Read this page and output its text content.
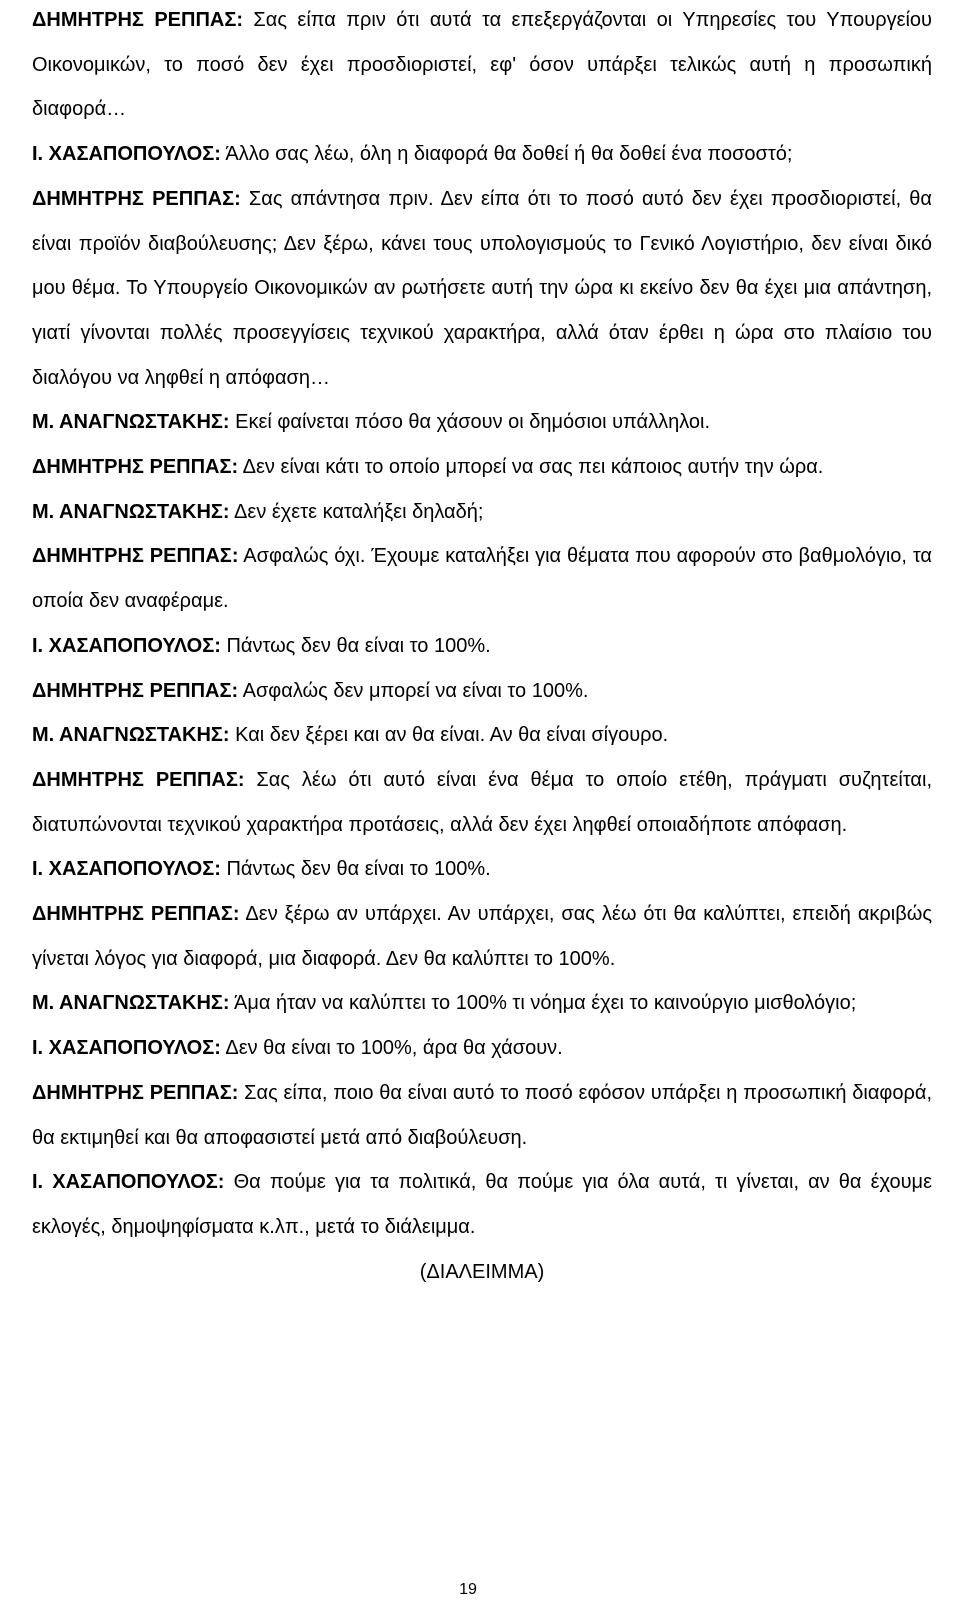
ΔΗΜΗΤΡΗΣ ΡΕΠΠΑΣ: Σας είπα πριν ότι αυτά τα επεξεργάζονται οι Υπηρεσίες του Υπουργείου Οικονομικών, το ποσό δεν έχει προσδιοριστεί, εφ' όσον υπάρξει τελικώς αυτή η προσωπική διαφορά…

Ι. ΧΑΣΑΠΟΠΟΥΛΟΣ: Άλλο σας λέω, όλη η διαφορά θα δοθεί ή θα δοθεί ένα ποσοστό;

ΔΗΜΗΤΡΗΣ ΡΕΠΠΑΣ: Σας απάντησα πριν. Δεν είπα ότι το ποσό αυτό δεν έχει προσδιοριστεί, θα είναι προϊόν διαβούλευσης; Δεν ξέρω, κάνει τους υπολογισμούς το Γενικό Λογιστήριο, δεν είναι δικό μου θέμα. Το Υπουργείο Οικονομικών αν ρωτήσετε αυτή την ώρα κι εκείνο δεν θα έχει μια απάντηση, γιατί γίνονται πολλές προσεγγίσεις τεχνικού χαρακτήρα, αλλά όταν έρθει η ώρα στο πλαίσιο του διαλόγου να ληφθεί η απόφαση…

Μ. ΑΝΑΓΝΩΣΤΑΚΗΣ: Εκεί φαίνεται πόσο θα χάσουν οι δημόσιοι υπάλληλοι.

ΔΗΜΗΤΡΗΣ ΡΕΠΠΑΣ: Δεν είναι κάτι το οποίο μπορεί να σας πει κάποιος αυτήν την ώρα.

Μ. ΑΝΑΓΝΩΣΤΑΚΗΣ: Δεν έχετε καταλήξει δηλαδή;

ΔΗΜΗΤΡΗΣ ΡΕΠΠΑΣ: Ασφαλώς όχι. Έχουμε καταλήξει για θέματα που αφορούν στο βαθμολόγιο, τα οποία δεν αναφέραμε.

Ι. ΧΑΣΑΠΟΠΟΥΛΟΣ: Πάντως δεν θα είναι το 100%.

ΔΗΜΗΤΡΗΣ ΡΕΠΠΑΣ: Ασφαλώς δεν μπορεί να είναι το 100%.

Μ. ΑΝΑΓΝΩΣΤΑΚΗΣ: Και δεν ξέρει και αν θα είναι. Αν θα είναι σίγουρο.

ΔΗΜΗΤΡΗΣ ΡΕΠΠΑΣ: Σας λέω ότι αυτό είναι ένα θέμα το οποίο ετέθη, πράγματι συζητείται, διατυπώνονται τεχνικού χαρακτήρα προτάσεις, αλλά δεν έχει ληφθεί οποιαδήποτε απόφαση.

Ι. ΧΑΣΑΠΟΠΟΥΛΟΣ: Πάντως δεν θα είναι το 100%.

ΔΗΜΗΤΡΗΣ ΡΕΠΠΑΣ: Δεν ξέρω αν υπάρχει. Αν υπάρχει, σας λέω ότι θα καλύπτει, επειδή ακριβώς γίνεται λόγος για διαφορά, μια διαφορά. Δεν θα καλύπτει το 100%.

Μ. ΑΝΑΓΝΩΣΤΑΚΗΣ: Άμα ήταν να καλύπτει το 100% τι νόημα έχει το καινούργιο μισθολόγιο;

Ι. ΧΑΣΑΠΟΠΟΥΛΟΣ: Δεν θα είναι το 100%, άρα θα χάσουν.

ΔΗΜΗΤΡΗΣ ΡΕΠΠΑΣ: Σας είπα, ποιο θα είναι αυτό το ποσό εφόσον υπάρξει η προσωπική διαφορά, θα εκτιμηθεί και θα αποφασιστεί μετά από διαβούλευση.

Ι. ΧΑΣΑΠΟΠΟΥΛΟΣ: Θα πούμε για τα πολιτικά, θα πούμε για όλα αυτά, τι γίνεται, αν θα έχουμε εκλογές, δημοψηφίσματα κ.λπ., μετά το διάλειμμα.

(ΔΙΑΛΕΙΜΜΑ)

19
